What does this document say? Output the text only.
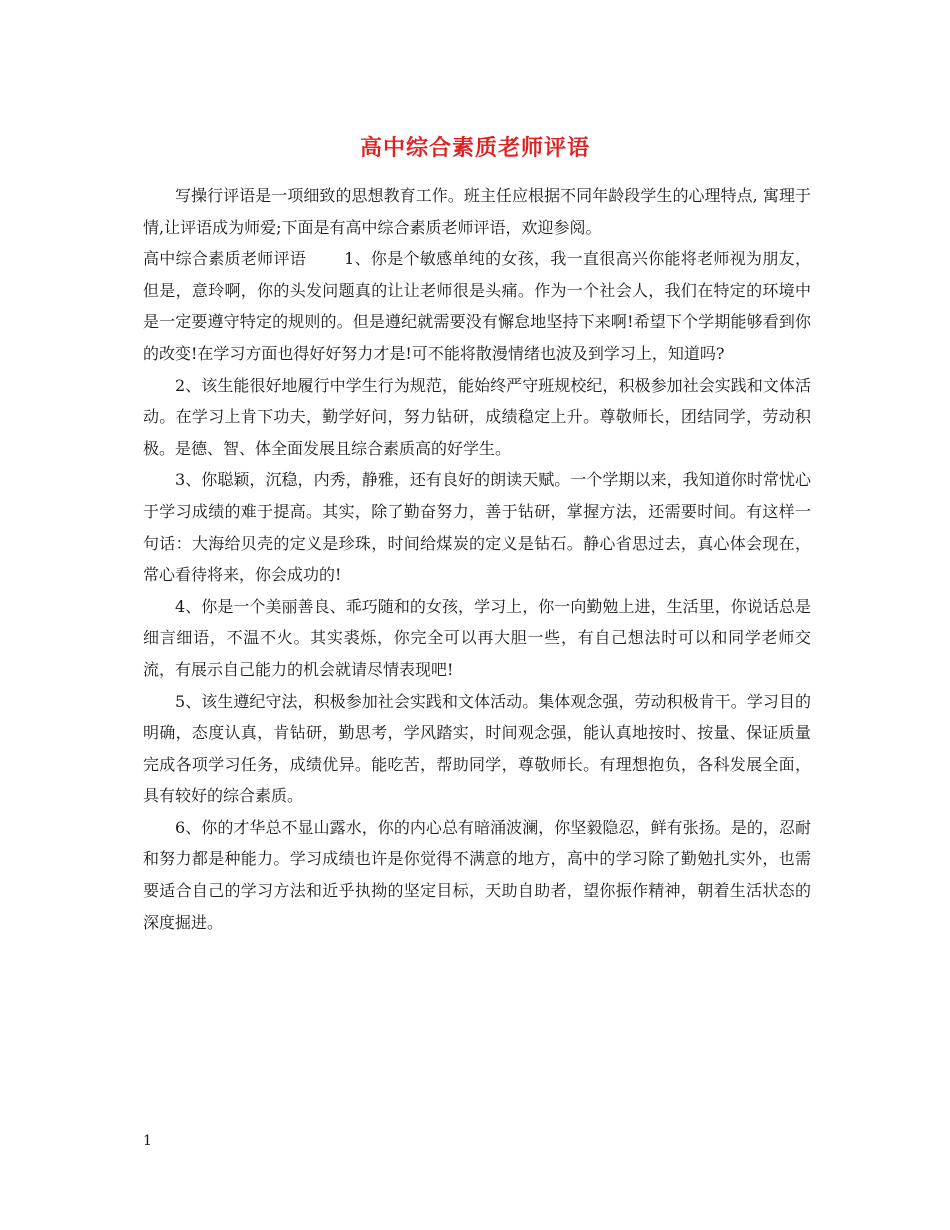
高中综合素质老师评语

写操行评语是一项细致的思想教育工作。班主任应根据不同年龄段学生的心理特点, 寓理于情,让评语成为师爱;下面是有高中综合素质老师评语，欢迎参阅。

高中综合素质老师评语 1、你是个敏感单纯的女孩，我一直很高兴你能将老师视为朋友，但是，意玲啊，你的头发问题真的让让老师很是头痛。作为一个社会人，我们在特定的环境中是一定要遵守特定的规则的。但是遵纪就需要没有懈怠地坚持下来啊!希望下个学期能够看到你的改变!在学习方面也得好好努力才是!可不能将散漫情绪也波及到学习上，知道吗?

2、该生能很好地履行中学生行为规范，能始终严守班规校纪，积极参加社会实践和文体活动。在学习上肯下功夫，勤学好问，努力钻研，成绩稳定上升。尊敬师长，团结同学，劳动积极。是德、智、体全面发展且综合素质高的好学生。

3、你聪颖，沉稳，内秀，静雅，还有良好的朗读天赋。一个学期以来，我知道你时常忧心于学习成绩的难于提高。其实，除了勤奋努力，善于钻研，掌握方法，还需要时间。有这样一句话：大海给贝壳的定义是珍珠，时间给煤炭的定义是钻石。静心省思过去，真心体会现在，常心看待将来，你会成功的!

4、你是一个美丽善良、乖巧随和的女孩，学习上，你一向勤勉上进，生活里，你说话总是细言细语，不温不火。其实裘烁，你完全可以再大胆一些，有自己想法时可以和同学老师交流，有展示自己能力的机会就请尽情表现吧!

5、该生遵纪守法，积极参加社会实践和文体活动。集体观念强，劳动积极肯干。学习目的明确，态度认真，肯钻研，勤思考，学风踏实，时间观念强，能认真地按时、按量、保证质量完成各项学习任务，成绩优异。能吃苦，帮助同学，尊敬师长。有理想抱负，各科发展全面，具有较好的综合素质。

6、你的才华总不显山露水，你的内心总有暗涌波澜，你坚毅隐忍，鲜有张扬。是的，忍耐和努力都是种能力。学习成绩也许是你觉得不满意的地方，高中的学习除了勤勉扎实外，也需要适合自己的学习方法和近乎执拗的坚定目标，天助自助者，望你振作精神，朝着生活状态的深度掘进。

1
